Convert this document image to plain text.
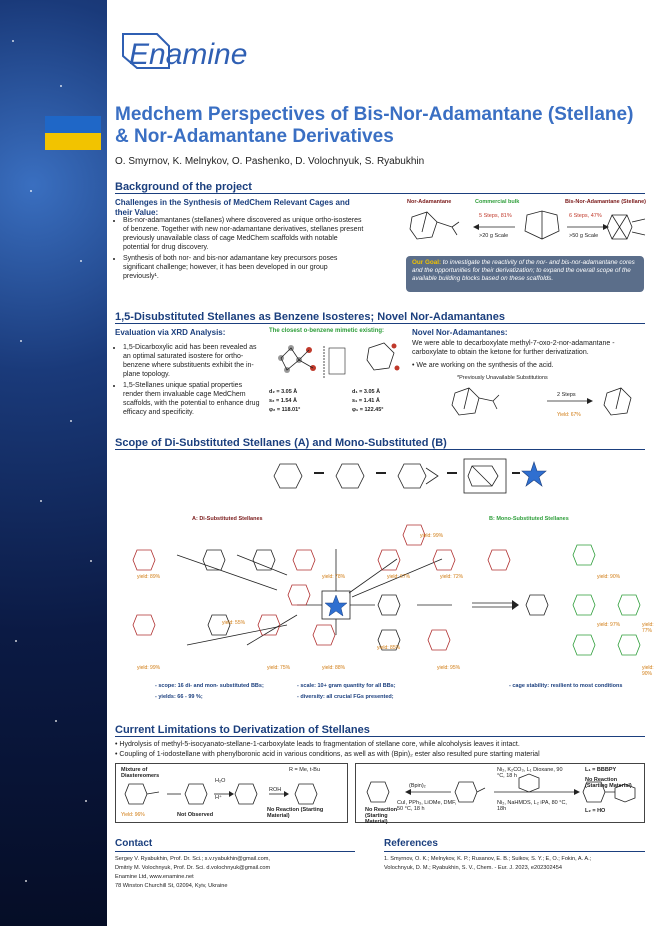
Enamine
Medchem Perspectives of Bis-Nor-Adamantane (Stellane) & Nor-Adamantane Derivatives
O. Smyrnov, K. Melnykov, O. Pashenko, D. Volochnyuk, S. Ryabukhin
Background of the project
Challenges in the Synthesis of MedChem Relevant Cages and their Value:
• Bis-nor-adamantanes (stellanes) where discovered as unique ortho-isosteres of benzene. Together with new nor-adamantane derivatives, stellanes present previously unavailable class of cage MedChem scaffolds with notable potential for drug discovery.
• Synthesis of both nor- and bis-nor adamantane key precursors poses significant challenge; however, it has been developed in our group previously¹.
Nor-Adamantane	Commercial bulk	Bis-Nor-Adamantane (Stellane)
5 Steps, 81%
>20 g Scale
6 Steps, 47%
>50 g Scale
Our Goal: to investigate the reactivity of the nor- and bis-nor-adamantane cores and the opportunities for their derivatization; to expand the overall scope of the available building blocks based on these scaffolds.
1,5-Disubstituted Stellanes as Benzene Isosteres; Novel Nor-Adamantanes
Evaluation via XRD Analysis:
• 1,5-Dicarboxylic acid has been revealed as an optimal saturated isostere for ortho-benzene where substituents exhibit the in-plane topology.
• 1,5-Stellanes unique spatial properties render them invaluable cage MedChem scaffolds, with the potential to enhance drug efficacy and specificity.
The closest o-benzene mimetic existing:
d₂ = 3.05 Å	d₁ = 3.05 Å
s₂ = 1.54 Å	s₁ = 1.41 Å
φ₂ = 118.01°	φ₁ = 122.45°
Novel Nor-Adamantanes:
We were able to decarboxylate methyl-7-oxo-2-nor-adamantane -carboxylate to obtain the ketone for further derivatization.
• We are working on the synthesis of the acid.
*Previously Unavailable Substitutions
2 Steps
Yield: 67%
Scope of Di-Substituted Stellanes (A) and Mono-Substituted (B)
A: Di-Substituted Stellanes	B: Mono-Substituted Stellanes
yield: 99%
yield: 89%	yield: 78%	yield: 67%	yield: 72%	yield: 90%
yield: 55%	yield: 97%	yield: 77%
yield: 99%	yield: 75%	yield: 88%	yield: 95%	yield: 90%
yield: 85%
- scope: 16 di- and mon- substituted BBs;
- yields: 66 - 99 %;
- scale: 10+ gram quantity for all BBs;
- diversity: all crucial FGs presented;
- cage stability: resilient to most conditions
Current Limitations to Derivatization of Stellanes
• Hydrolysis of methyl-5-isocyanato-stellane-1-carboxylate leads to fragmentation of stellane core, while alcoholysis leaves it intact.
• Coupling of 1-iodostellane with phenylboronic acid in various conditions, as well as with (Bpin)₂ ester also resulted pure starting material
Mixture of Diastereomers
Yield: 96%	Not Observed
H₂O
H⁺
ROH
R = Me, t-Bu
No Reaction (Starting Material)
(Bpin)₂
CuI, PPh₃, LiOMe, DMF, 50 °C, 18 h
No Reaction (Starting Material)
Ni₂, K₂CO₃, L₁ Dioxane, 90 °C, 18 h
Ni₂, NaHMDS, L₂ iPA, 80 °C, 18h
L₁ = BBBPY
No Reaction (Starting Material)
L₂ = HO
Contact
Sergey V. Ryabukhin, Prof. Dr. Sci.; s.v.ryabukhin@gmail.com,
Dmitriy M. Volochnyuk, Prof. Dr. Sci. d.volochnyuk@gmail.com
Enamine Ltd, www.enamine.net
78 Winston Churchill St, 02094, Kyiv, Ukraine
References
1. Smyrnov, O. K.; Melnykov, K. P.; Rusanov, E. B.; Suikov, S. Y.; E, O.; Fokin, A. A.;
Volochnyuk, D. M.; Ryabukhin, S. V., Chem. - Eur. J. 2023, e202302454
